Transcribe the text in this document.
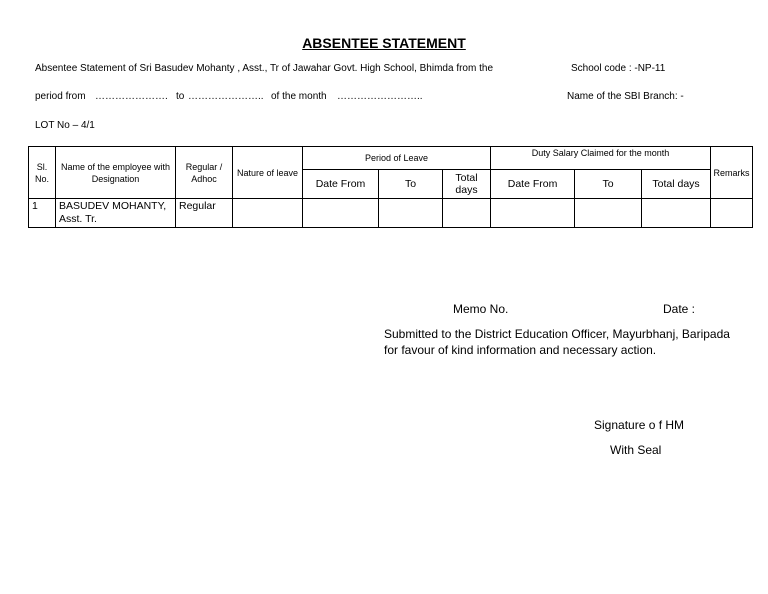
ABSENTEE STATEMENT
Absentee Statement of Sri Basudev Mohanty , Asst., Tr of Jawahar Govt. High School, Bhimda from the	School code : -NP-11
period from …………………. to ………………….. of the month ……………………..	Name of the SBI Branch: -
LOT No – 4/1
Sl. No.	Name of the employee with Designation	Regular / Adhoc	Nature of leave	Period of Leave			Duty Salary Claimed for the month			Remarks
				Date From	To	Total days	Date From	To	Total days	
1	BASUDEV MOHANTY, Asst. Tr.	Regular								
Memo No.	Date :
Submitted to the District Education Officer, Mayurbhanj, Baripada
for favour of kind information and necessary action.
Signature o f HM
With Seal
